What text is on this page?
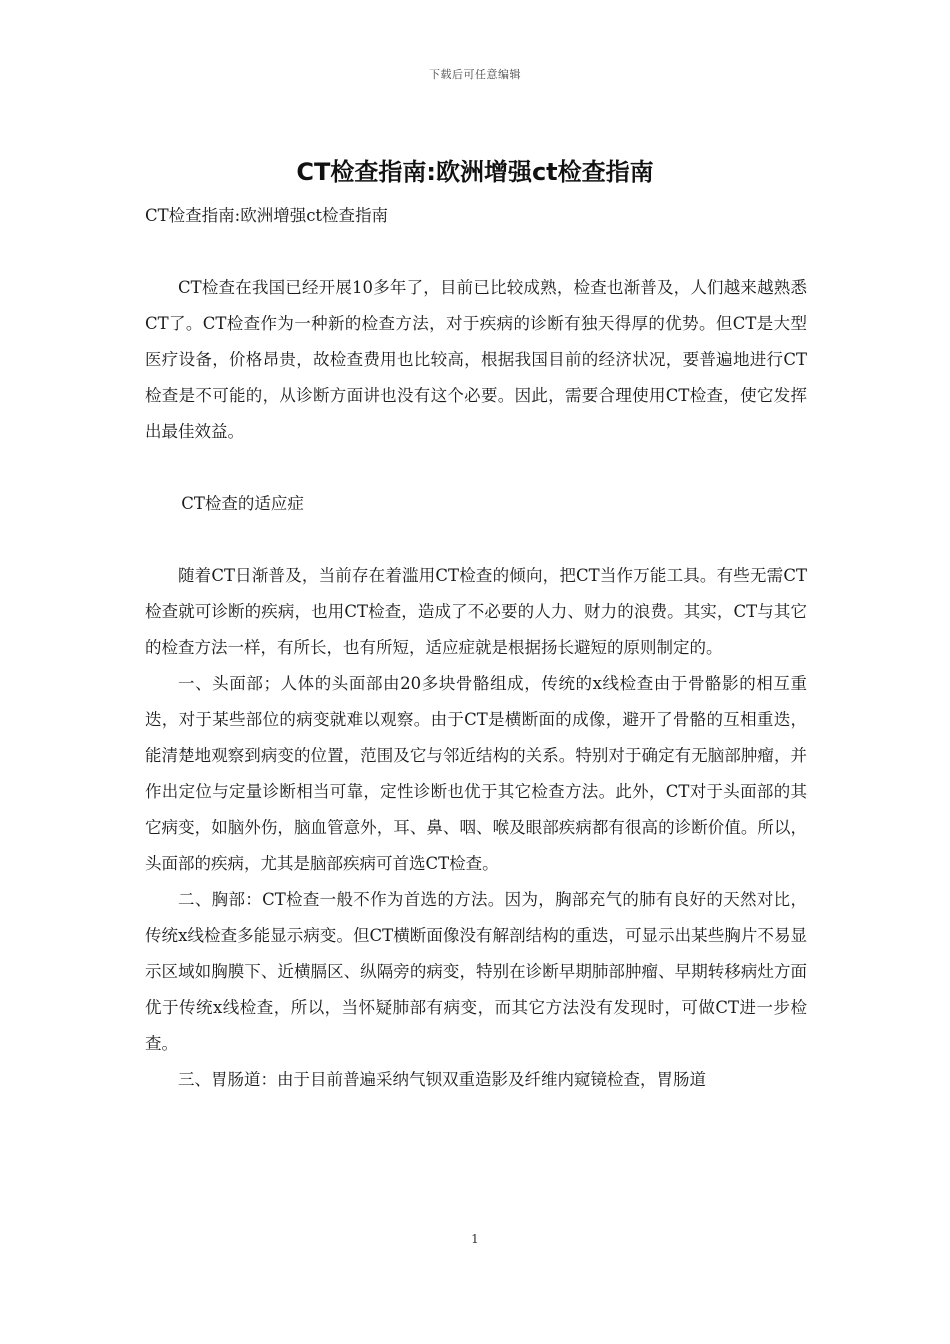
下载后可任意编辑
CT检查指南:欧洲增强ct检查指南

CT检查指南:欧洲增强ct检查指南

CT检查在我国已经开展10多年了，目前已比较成熟，检查也渐普及，人们越来越熟悉CT了。CT检查作为一种新的检查方法，对于疾病的诊断有独天得厚的优势。但CT是大型医疗设备，价格昂贵，故检查费用也比较高，根据我国目前的经济状况，要普遍地进行CT检查是不可能的，从诊断方面讲也没有这个必要。因此，需要合理使用CT检查，使它发挥出最佳效益。

CT检查的适应症

随着CT日渐普及，当前存在着滥用CT检查的倾向，把CT当作万能工具。有些无需CT检查就可诊断的疾病，也用CT检查，造成了不必要的人力、财力的浪费。其实，CT与其它的检查方法一样，有所长，也有所短，适应症就是根据扬长避短的原则制定的。

一、头面部；人体的头面部由20多块骨骼组成，传统的x线检查由于骨骼影的相互重迭，对于某些部位的病变就难以观察。由于CT是横断面的成像，避开了骨骼的互相重迭，能清楚地观察到病变的位置，范围及它与邻近结构的关系。特别对于确定有无脑部肿瘤，并作出定位与定量诊断相当可靠，定性诊断也优于其它检查方法。此外，CT对于头面部的其它病变，如脑外伤，脑血管意外，耳、鼻、咽、喉及眼部疾病都有很高的诊断价值。所以，头面部的疾病，尤其是脑部疾病可首选CT检查。

二、胸部：CT检查一般不作为首选的方法。因为，胸部充气的肺有良好的天然对比，传统x线检查多能显示病变。但CT横断面像没有解剖结构的重迭，可显示出某些胸片不易显示区域如胸膜下、近横膈区、纵隔旁的病变，特别在诊断早期肺部肿瘤、早期转移病灶方面优于传统x线检查，所以，当怀疑肺部有病变，而其它方法没有发现时，可做CT进一步检查。

三、胃肠道：由于目前普遍采纳气钡双重造影及纤维内窥镜检查，胃肠道

1
